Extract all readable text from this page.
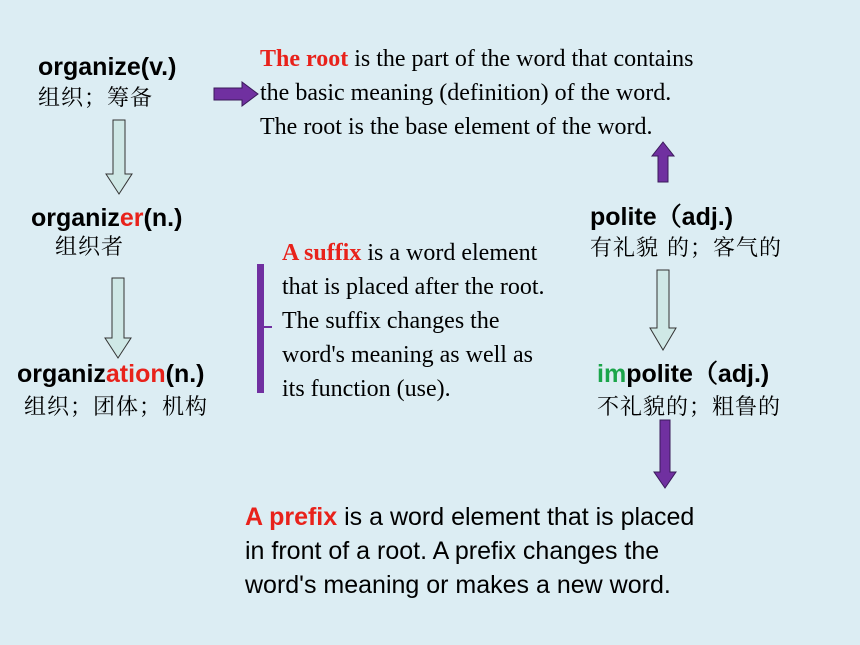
organize(v.)
组织；筹备
organizer(n.)
组织者
organization(n.)
组织；团体；机构
polite（adj.)
有礼貌 的；客气的
impolite（adj.)
不礼貌的；粗鲁的
The root is the part of the word that contains
the basic meaning (definition) of the word.
The root is the base element of the word.
A suffix is a word element
that is placed after the root.
The suffix changes the
word's meaning as well as
its function (use).
A prefix is a word element that is placed
in front of a root. A prefix changes the
word's meaning or makes a new word.
